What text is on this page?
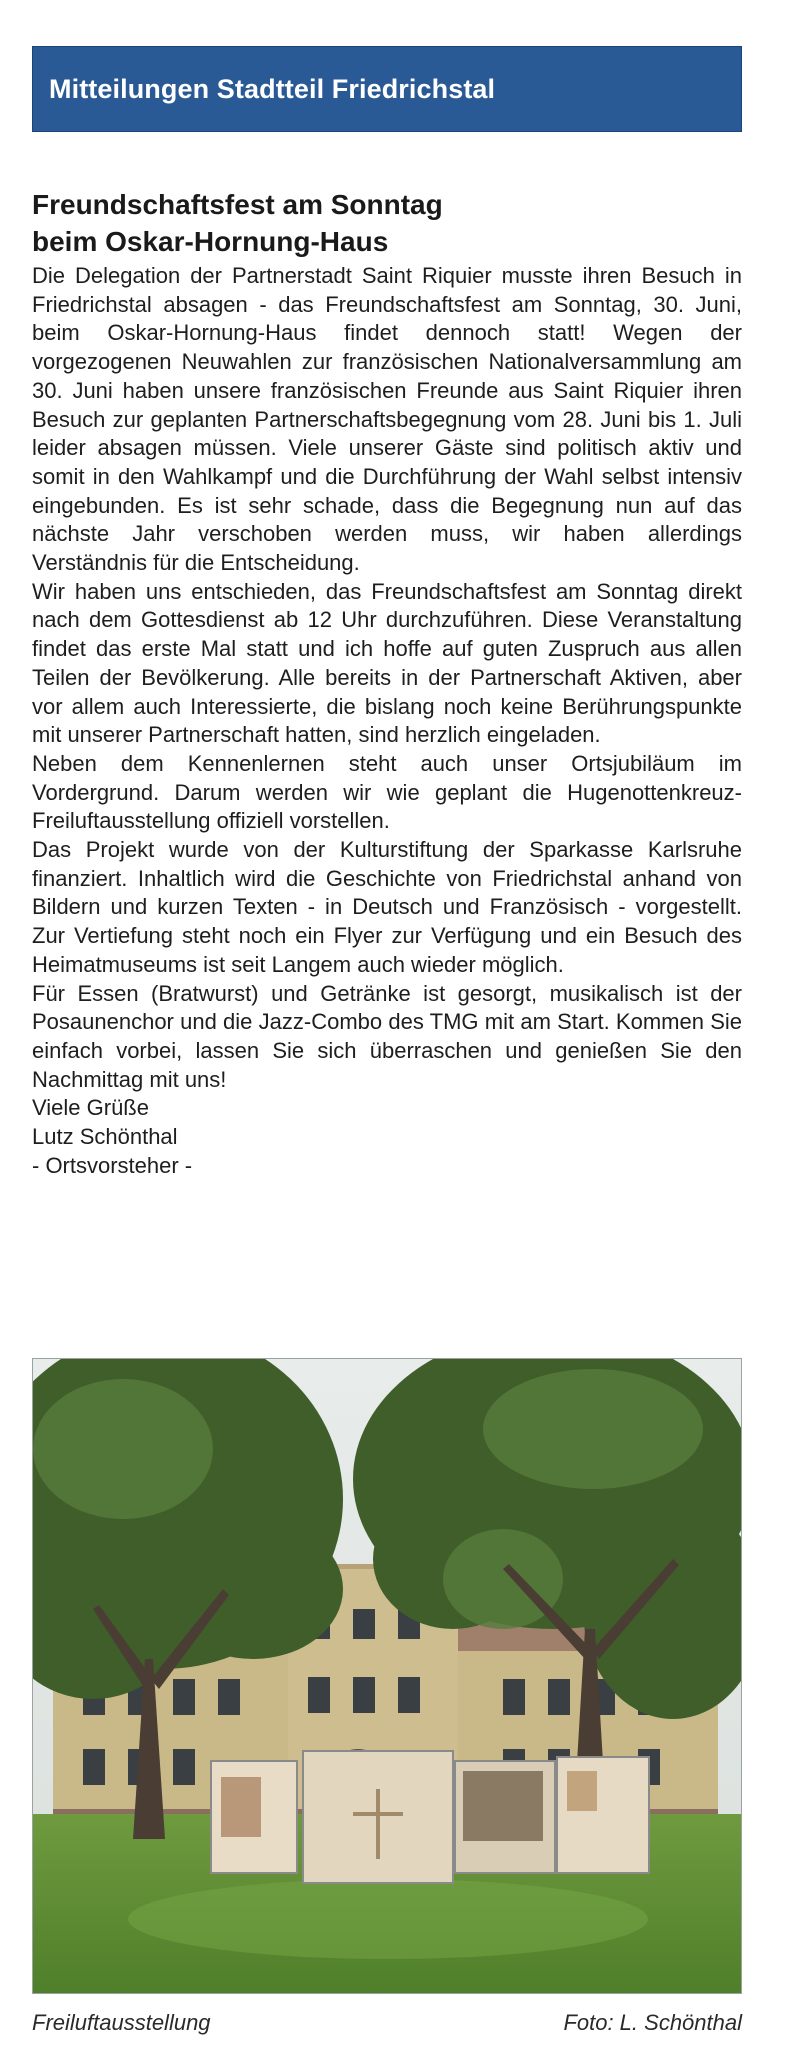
Mitteilungen Stadtteil Friedrichstal
Freundschaftsfest am Sonntag
beim Oskar-Hornung-Haus

Die Delegation der Partnerstadt Saint Riquier musste ihren Besuch in Friedrichstal absagen - das Freundschaftsfest am Sonntag, 30. Juni, beim Oskar-Hornung-Haus findet dennoch statt! Wegen der vorgezogenen Neuwahlen zur französischen Nationalversammlung am 30. Juni haben unsere französischen Freunde aus Saint Riquier ihren Besuch zur geplanten Partnerschaftsbegegnung vom 28. Juni bis 1. Juli leider absagen müssen. Viele unserer Gäste sind politisch aktiv und somit in den Wahlkampf und die Durchführung der Wahl selbst intensiv eingebunden. Es ist sehr schade, dass die Begegnung nun auf das nächste Jahr verschoben werden muss, wir haben allerdings Verständnis für die Entscheidung.

Wir haben uns entschieden, das Freundschaftsfest am Sonntag direkt nach dem Gottesdienst ab 12 Uhr durchzuführen. Diese Veranstaltung findet das erste Mal statt und ich hoffe auf guten Zuspruch aus allen Teilen der Bevölkerung. Alle bereits in der Partnerschaft Aktiven, aber vor allem auch Interessierte, die bislang noch keine Berührungspunkte mit unserer Partnerschaft hatten, sind herzlich eingeladen.

Neben dem Kennenlernen steht auch unser Ortsjubiläum im Vordergrund. Darum werden wir wie geplant die Hugenottenkreuz-Freiluftausstellung offiziell vorstellen.

Das Projekt wurde von der Kulturstiftung der Sparkasse Karlsruhe finanziert. Inhaltlich wird die Geschichte von Friedrichstal anhand von Bildern und kurzen Texten - in Deutsch und Französisch - vorgestellt. Zur Vertiefung steht noch ein Flyer zur Verfügung und ein Besuch des Heimatmuseums ist seit Langem auch wieder möglich.

Für Essen (Bratwurst) und Getränke ist gesorgt, musikalisch ist der Posaunenchor und die Jazz-Combo des TMG mit am Start. Kommen Sie einfach vorbei, lassen Sie sich überraschen und genießen Sie den Nachmittag mit uns!

Viele Grüße

Lutz Schönthal

- Ortsvorsteher -

Freiluftausstellung	Foto: L. Schönthal
